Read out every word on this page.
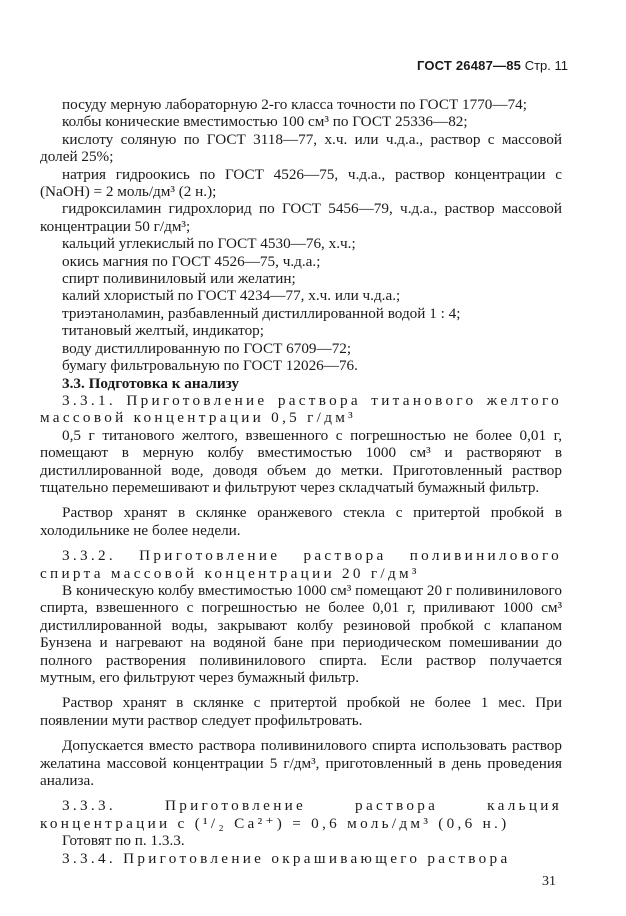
ГОСТ 26487—85 Стр. 11

посуду мерную лабораторную 2-го класса точности по ГОСТ 1770—74;

колбы конические вместимостью 100 см³ по ГОСТ 25336—82;

кислоту соляную по ГОСТ 3118—77, х.ч. или ч.д.а., раствор с массовой долей 25%;

натрия гидроокись по ГОСТ 4526—75, ч.д.а., раствор концентрации с (NaOH) = 2 моль/дм³ (2 н.);

гидроксиламин гидрохлорид по ГОСТ 5456—79, ч.д.а., раствор массовой концентрации 50 г/дм³;

кальций углекислый по ГОСТ 4530—76, х.ч.;

окись магния по ГОСТ 4526—75, ч.д.а.;

спирт поливиниловый или желатин;

калий хлористый по ГОСТ 4234—77, х.ч. или ч.д.а.;

триэтаноламин, разбавленный дистиллированной водой 1 : 4;

титановый желтый, индикатор;

воду дистиллированную по ГОСТ 6709—72;

бумагу фильтровальную по ГОСТ 12026—76.

3.3. Подготовка к анализу

3.3.1. Приготовление раствора титанового желтого массовой концентрации 0,5 г/дм³

0,5 г титанового желтого, взвешенного с погрешностью не более 0,01 г, помещают в мерную колбу вместимостью 1000 см³ и растворяют в дистиллированной воде, доводя объем до метки. Приготовленный раствор тщательно перемешивают и фильтруют через складчатый бумажный фильтр.

Раствор хранят в склянке оранжевого стекла с притертой пробкой в холодильнике не более недели.

3.3.2. Приготовление раствора поливинилового спирта массовой концентрации 20 г/дм³

В коническую колбу вместимостью 1000 см³ помещают 20 г поливинилового спирта, взвешенного с погрешностью не более 0,01 г, приливают 1000 см³ дистиллированной воды, закрывают колбу резиновой пробкой с клапаном Бунзена и нагревают на водяной бане при периодическом помешивании до полного растворения поливинилового спирта. Если раствор получается мутным, его фильтруют через бумажный фильтр.

Раствор хранят в склянке с притертой пробкой не более 1 мес. При появлении мути раствор следует профильтровать.

Допускается вместо раствора поливинилового спирта использовать раствор желатина массовой концентрации 5 г/дм³, приготовленный в день проведения анализа.

3.3.3. Приготовление раствора кальция концентрации с (¹/₂ Ca²⁺) = 0,6 моль/дм³ (0,6 н.)

Готовят по п. 1.3.3.

3.3.4. Приготовление окрашивающего раствора

31
